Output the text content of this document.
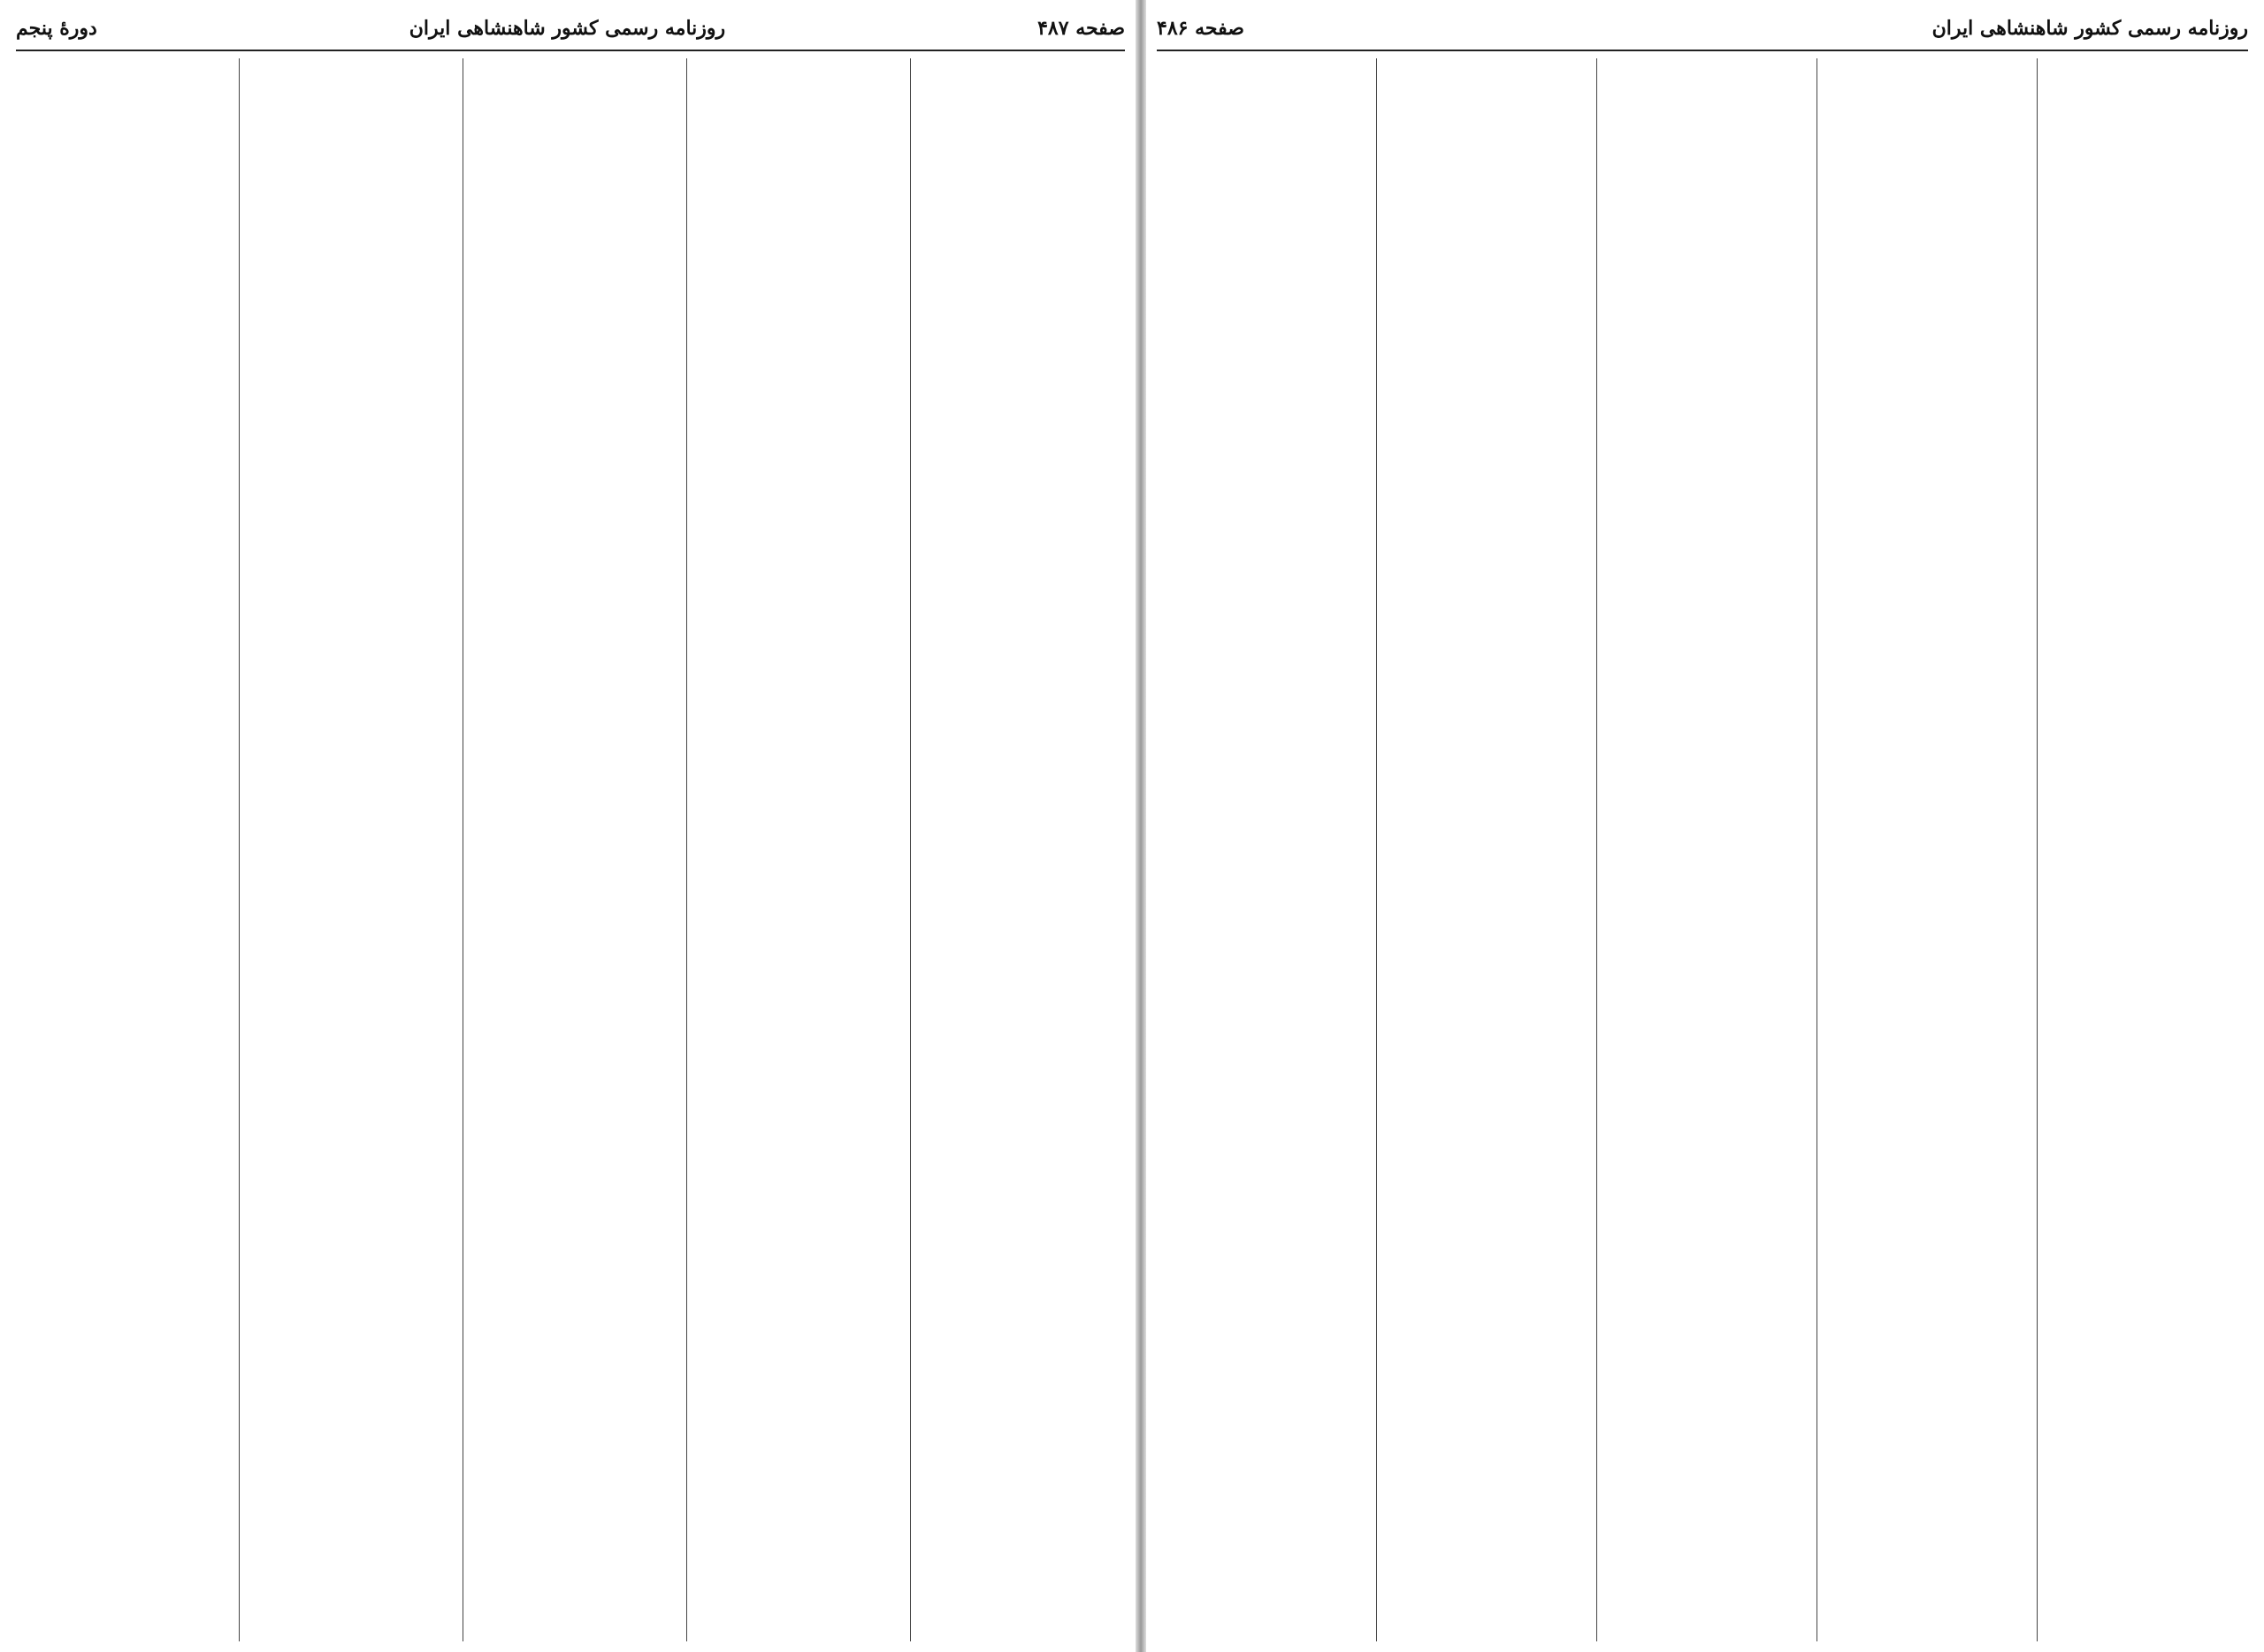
صفحه ۴۸۷
روزنامه رسمی کشور شاهنشاهی ایران
دورهٔ پنجم	روزنامه رسمی کشور شاهنشاهی ایران
صفحه ۴۸۶
